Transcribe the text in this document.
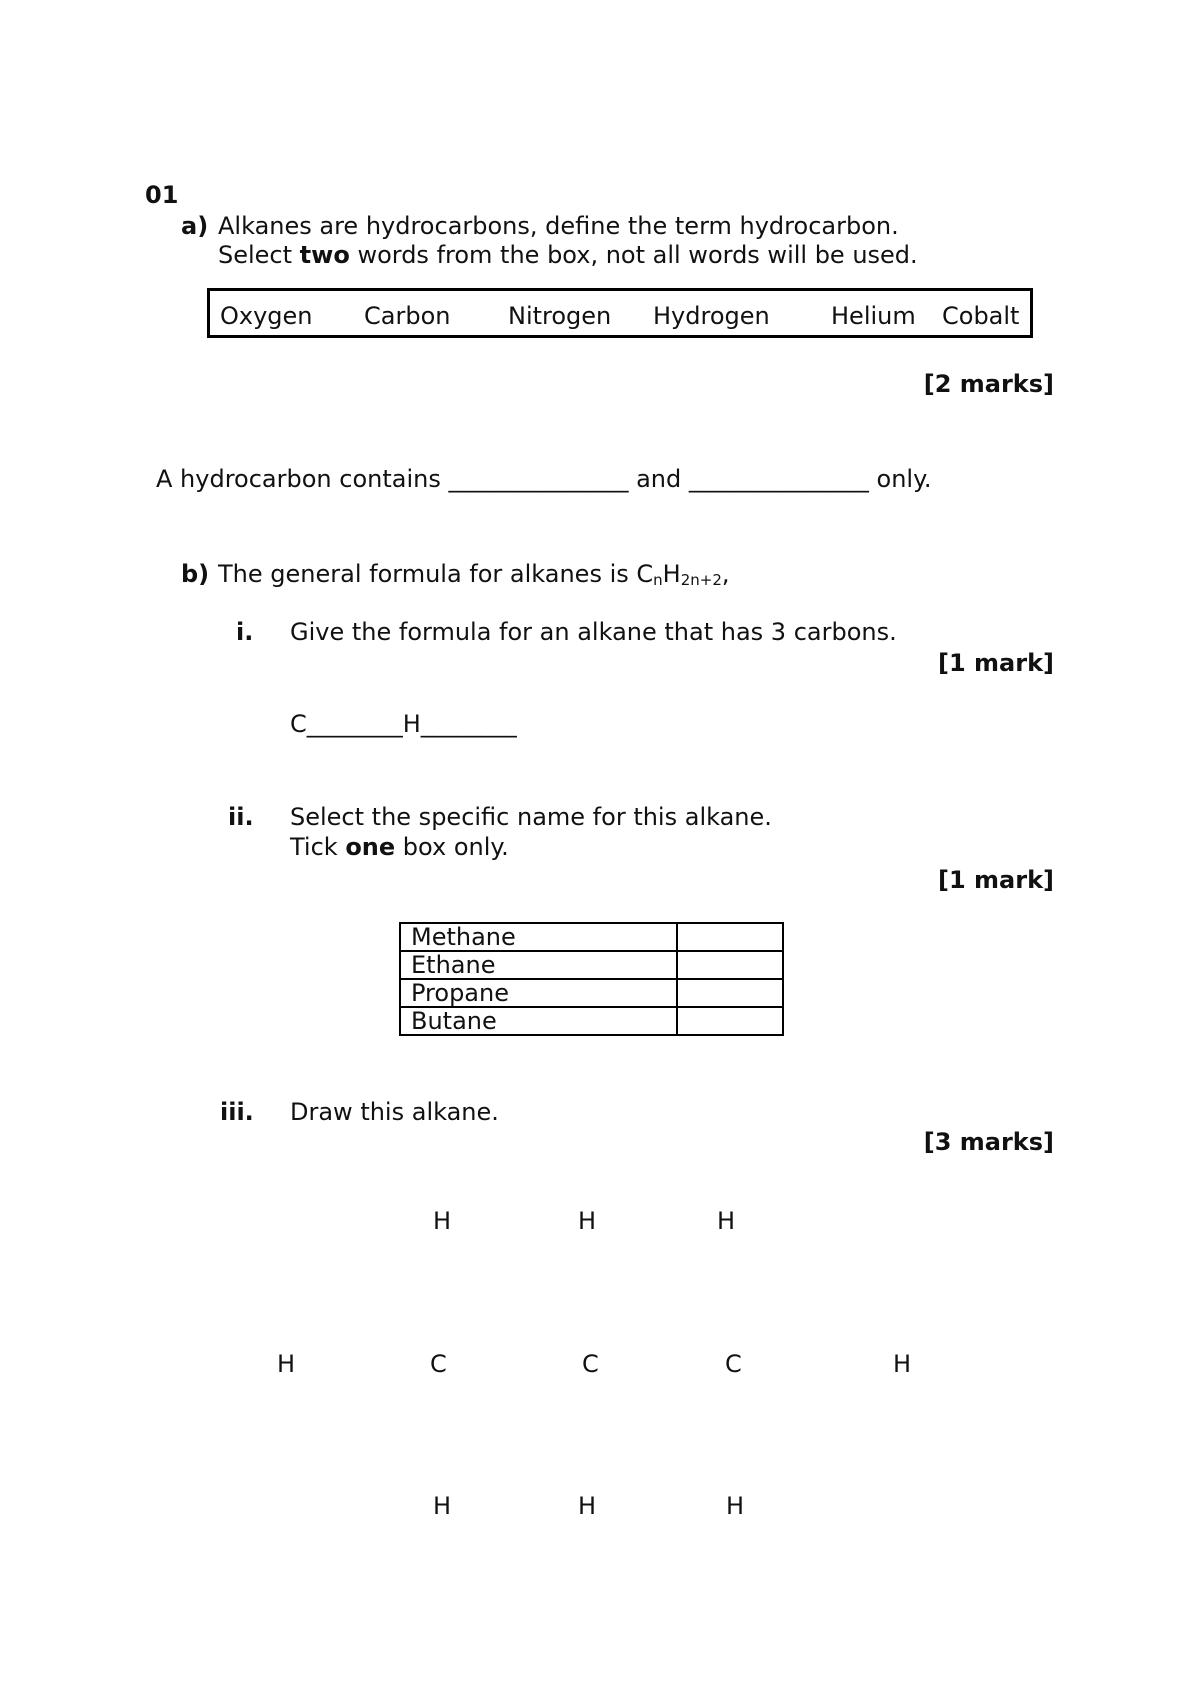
01
a) Alkanes are hydrocarbons, define the term hydrocarbon.
Select two words from the box, not all words will be used.
Oxygen Carbon Nitrogen Hydrogen	Helium Cobalt
[2 marks]
A hydrocarbon contains _______________ and _______________ only.
b) The general formula for alkanes is $C_nH_{2n+2}$,
i. Give the formula for an alkane that has 3 carbons.
[1 mark]
C________H________
ii. Select the specific name for this alkane.
Tick one box only.
[1 mark]
Methane	
Ethane	
Propane	
Butane	
iii. Draw this alkane.
[3 marks]
H	H	H
H	C	C	C	H
H	H	H
